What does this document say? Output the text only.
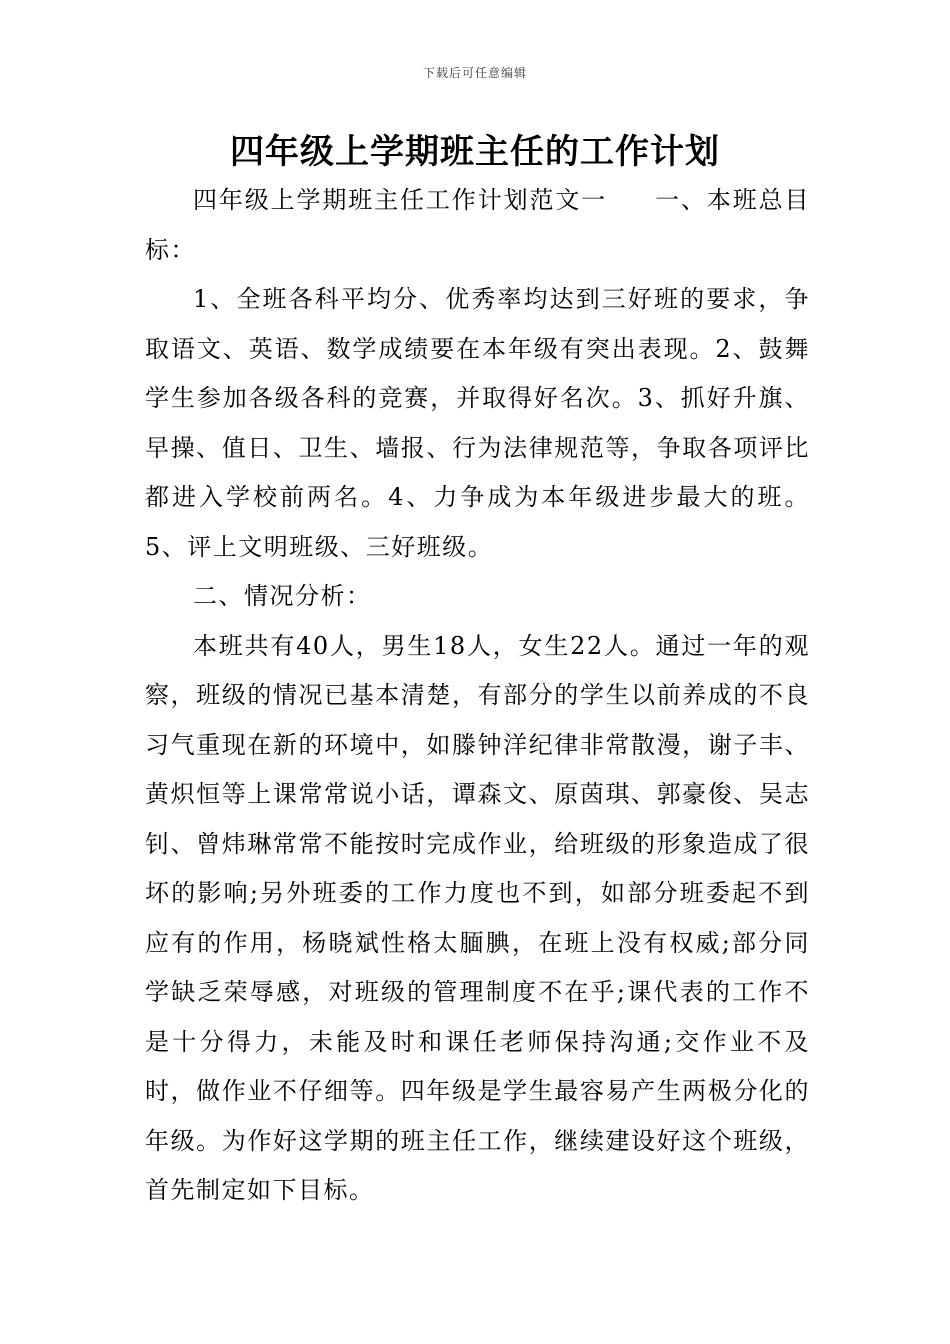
下载后可任意编辑
四年级上学期班主任的工作计划

四年级上学期班主任工作计划范文一 一、本班总目标：

1、全班各科平均分、优秀率均达到三好班的要求，争取语文、英语、数学成绩要在本年级有突出表现。2、鼓舞学生参加各级各科的竞赛，并取得好名次。3、抓好升旗、早操、值日、卫生、墙报、行为法律规范等，争取各项评比都进入学校前两名。4、力争成为本年级进步最大的班。5、评上文明班级、三好班级。

二、情况分析：

本班共有40人，男生18人，女生22人。通过一年的观察，班级的情况已基本清楚，有部分的学生以前养成的不良习气重现在新的环境中，如滕钟洋纪律非常散漫，谢子丰、黄炽恒等上课常常说小话，谭森文、原茵琪、郭豪俊、吴志钊、曾炜琳常常不能按时完成作业，给班级的形象造成了很坏的影响;另外班委的工作力度也不到，如部分班委起不到应有的作用，杨晓斌性格太腼腆，在班上没有权威;部分同学缺乏荣辱感，对班级的管理制度不在乎;课代表的工作不是十分得力，未能及时和课任老师保持沟通;交作业不及时，做作业不仔细等。四年级是学生最容易产生两极分化的年级。为作好这学期的班主任工作，继续建设好这个班级，首先制定如下目标。
